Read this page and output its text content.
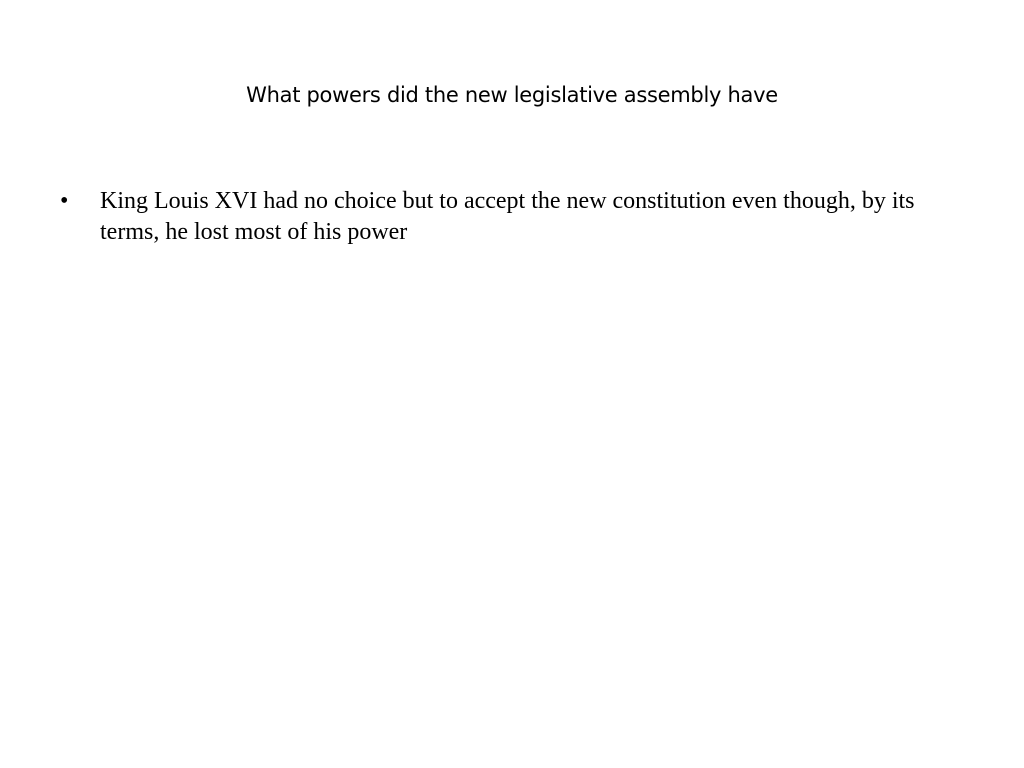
What powers did the new legislative assembly have
• King Louis XVI had no choice but to accept the new constitution even though, by its terms, he lost most of his power
